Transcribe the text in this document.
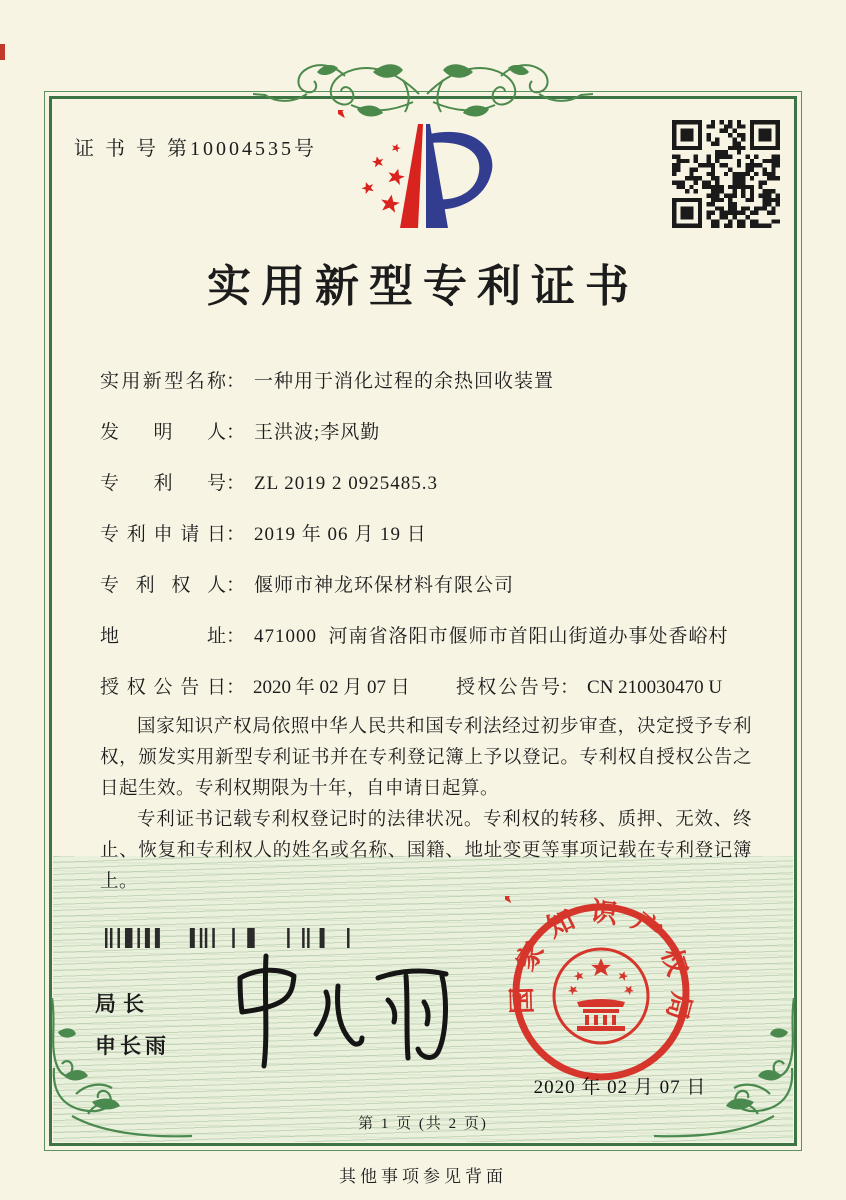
证 书 号 第10004535号
实用新型专利证书
实用新型名称： 一种用于消化过程的余热回收装置
发明人： 王洪波;李风勤
专利号： ZL 2019 2 0925485.3
专利申请日： 2019 年 06 月 19 日
专利权人： 偃师市神龙环保材料有限公司
地址： 471000  河南省洛阳市偃师市首阳山街道办事处香峪村
授权公告日： 2020 年 02 月 07 日 授权公告号： CN 210030470 U

国家知识产权局依照中华人民共和国专利法经过初步审查，决定授予专利权，颁发实用新型专利证书并在专利登记簿上予以登记。专利权自授权公告之日起生效。专利权期限为十年，自申请日起算。

专利证书记载专利权登记时的法律状况。专利权的转移、质押、无效、终止、恢复和专利权人的姓名或名称、国籍、地址变更等事项记载在专利登记簿上。

局长
申长雨
国家知识产权局
2020 年 02 月 07 日
第 1 页 (共 2 页)
其他事项参见背面
